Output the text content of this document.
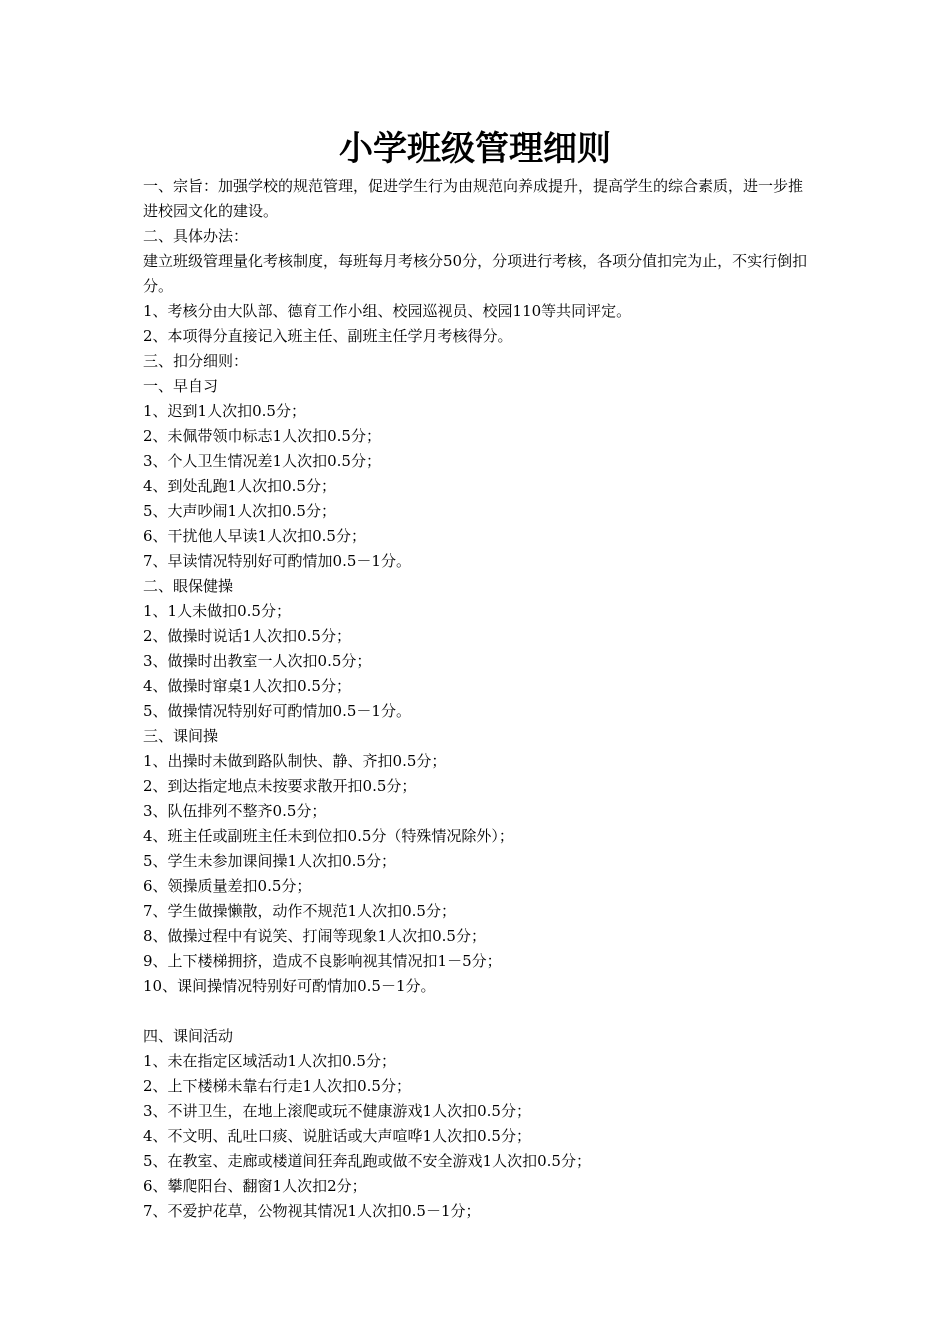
小学班级管理细则

一、宗旨：加强学校的规范管理，促进学生行为由规范向养成提升，提高学生的综合素质，进一步推进校园文化的建设。

二、具体办法：

建立班级管理量化考核制度，每班每月考核分50分，分项进行考核，各项分值扣完为止，不实行倒扣分。

1、考核分由大队部、德育工作小组、校园巡视员、校园110等共同评定。

2、本项得分直接记入班主任、副班主任学月考核得分。

三、扣分细则：

一、早自习

1、迟到1人次扣0.5分；

2、未佩带领巾标志1人次扣0.5分；

3、个人卫生情况差1人次扣0.5分；

4、到处乱跑1人次扣0.5分；

5、大声吵闹1人次扣0.5分；

6、干扰他人早读1人次扣0.5分；

7、早读情况特别好可酌情加0.5－1分。

二、眼保健操

1、1人未做扣0.5分；

2、做操时说话1人次扣0.5分；

3、做操时出教室一人次扣0.5分；

4、做操时窜桌1人次扣0.5分；

5、做操情况特别好可酌情加0.5－1分。

三、课间操

1、出操时未做到路队制快、静、齐扣0.5分；

2、到达指定地点未按要求散开扣0.5分；

3、队伍排列不整齐0.5分；

4、班主任或副班主任未到位扣0.5分（特殊情况除外）；

5、学生未参加课间操1人次扣0.5分；

6、领操质量差扣0.5分；

7、学生做操懒散，动作不规范1人次扣0.5分；

8、做操过程中有说笑、打闹等现象1人次扣0.5分；

9、上下楼梯拥挤，造成不良影响视其情况扣1－5分；

10、课间操情况特别好可酌情加0.5－1分。

四、课间活动

1、未在指定区域活动1人次扣0.5分；

2、上下楼梯未靠右行走1人次扣0.5分；

3、不讲卫生，在地上滚爬或玩不健康游戏1人次扣0.5分；

4、不文明、乱吐口痰、说脏话或大声喧哗1人次扣0.5分；

5、在教室、走廊或楼道间狂奔乱跑或做不安全游戏1人次扣0.5分；

6、攀爬阳台、翻窗1人次扣2分；

7、不爱护花草，公物视其情况1人次扣0.5－1分；
